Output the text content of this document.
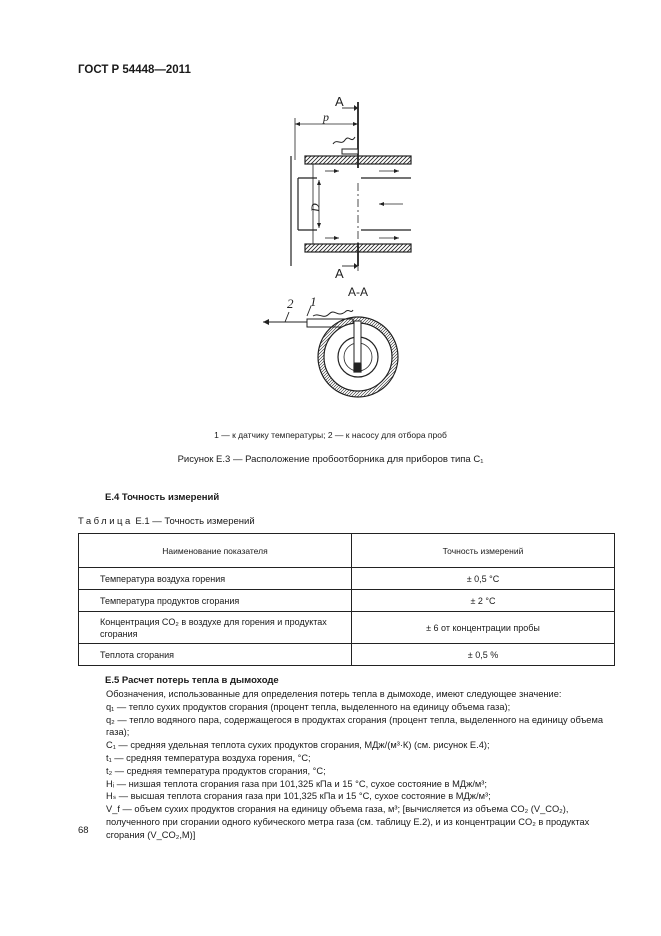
ГОСТ Р 54448—2011
A
A
p
D
A-A
1
2
1 — к датчику температуры; 2 — к насосу для отбора проб
Рисунок Е.3 — Расположение пробоотборника для приборов типа C₁
Е.4 Точность измерений
Таблица Е.1 — Точность измерений
Наименование показателя	Точность измерений
Температура воздуха горения	± 0,5 °C
Температура продуктов сгорания	± 2 °C
Концентрация CO₂ в воздухе для горения и продуктах сгорания	± 6 от концентрации пробы
Теплота сгорания	± 0,5 %
Е.5 Расчет потерь тепла в дымоходе

Обозначения, использованные для определения потерь тепла в дымоходе, имеют следующее значение:

q₁ — тепло сухих продуктов сгорания (процент тепла, выделенного на единицу объема газа);

q₂ — тепло водяного пара, содержащегося в продуктах сгорания (процент тепла, выделенного на единицу объема газа);

C₁ — средняя удельная теплота сухих продуктов сгорания, МДж/(м³·К) (см. рисунок Е.4);

t₁ — средняя температура воздуха горения, °C;

t₂ — средняя температура продуктов сгорания, °C;

Hᵢ — низшая теплота сгорания газа при 101,325 кПа и 15 °C, сухое состояние в МДж/м³;

Hₛ — высшая теплота сгорания газа при 101,325 кПа и 15 °C, сухое состояние в МДж/м³;

V_f — объем сухих продуктов сгорания на единицу объема газа, м³; [вычисляется из объема CO₂ (V_CO₂), полученного при сгорании одного кубического метра газа (см. таблицу Е.2), и из концентрации CO₂ в продуктах сгорания (V_CO₂,M)]

68
